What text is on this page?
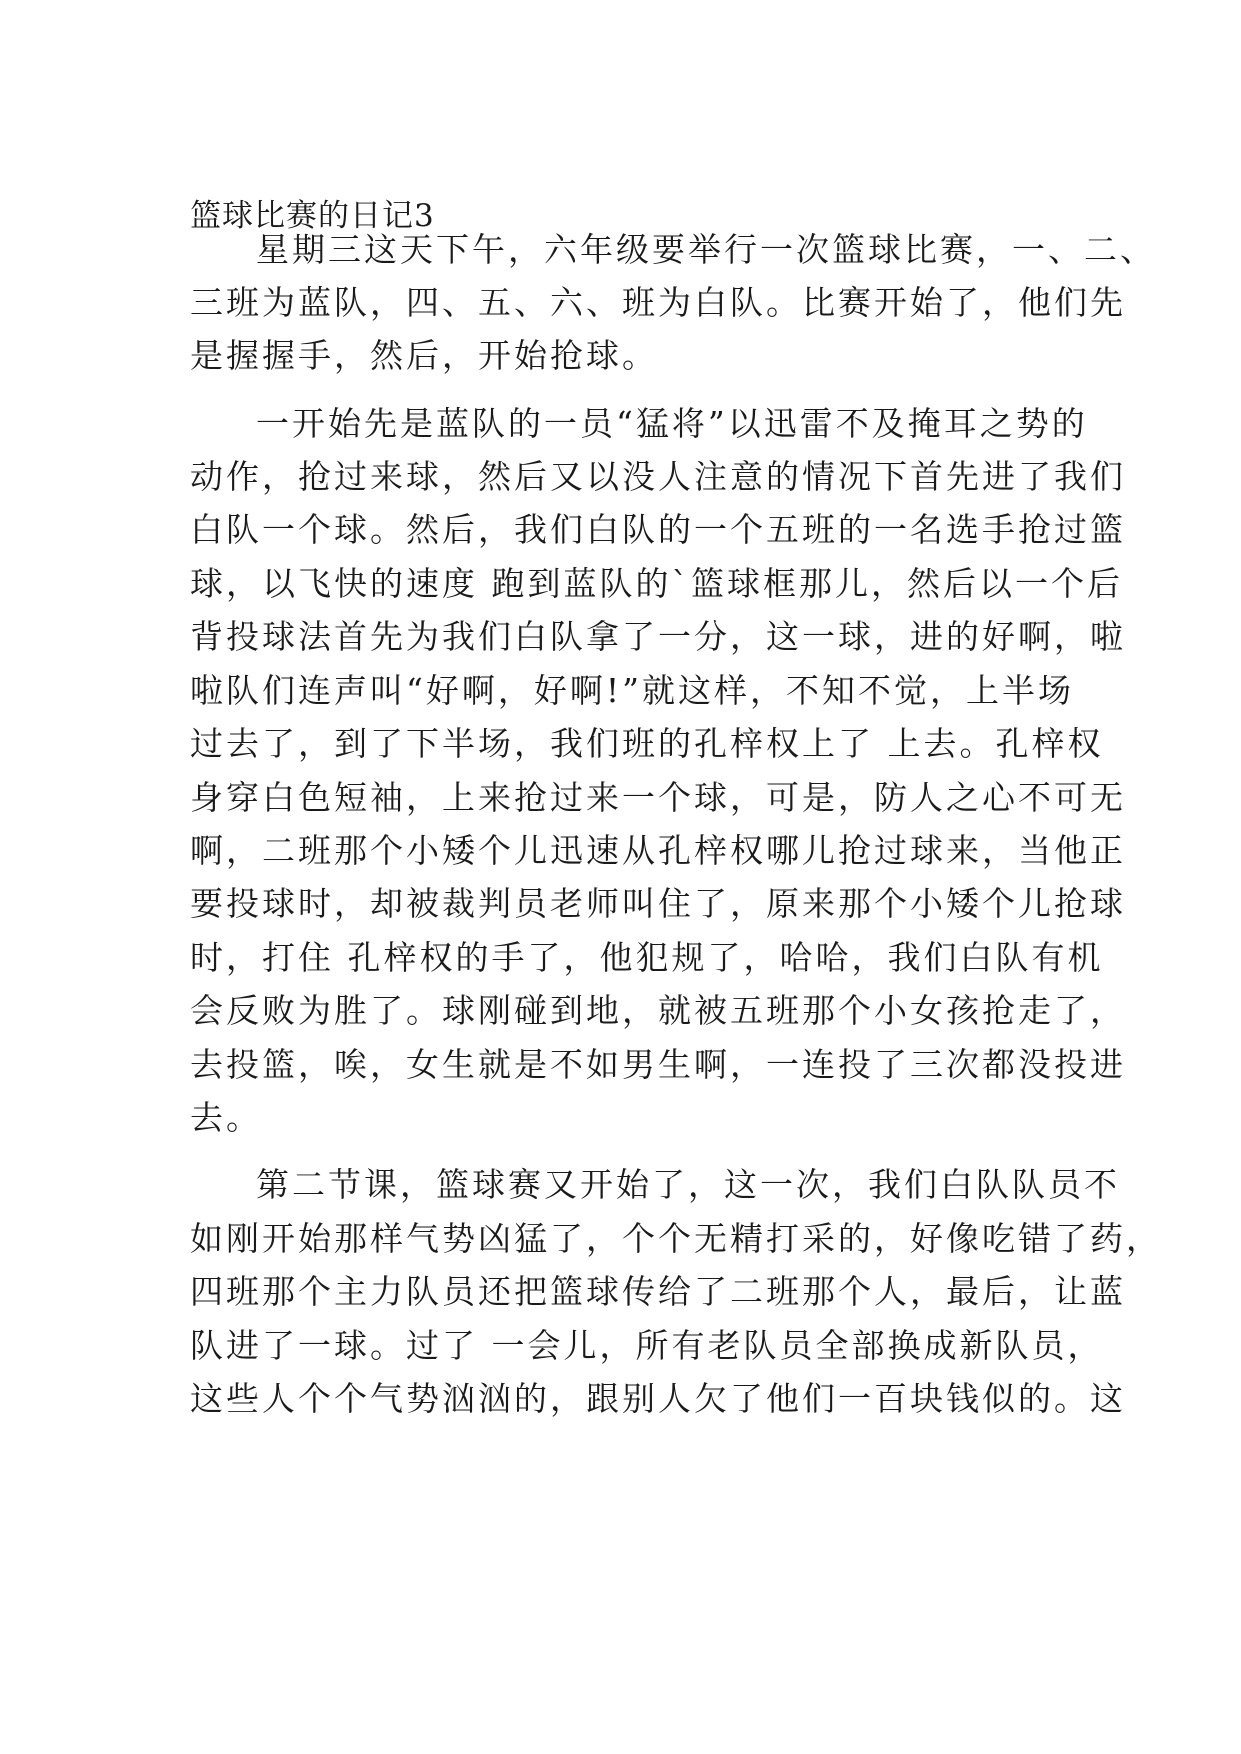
篮球比赛的日记3
星期三这天下午，六年级要举行一次篮球比赛，一、二、
三班为蓝队，四、五、六、班为白队。比赛开始了，他们先
是握握手，然后，开始抢球。
一开始先是蓝队的一员“猛将”以迅雷不及掩耳之势的
动作，抢过来球，然后又以没人注意的情况下首先进了我们
白队一个球。然后，我们白队的一个五班的一名选手抢过篮
球，以飞快的速度 跑到蓝队的`篮球框那儿，然后以一个后
背投球法首先为我们白队拿了一分，这一球，进的好啊，啦
啦队们连声叫“好啊，好啊!”就这样，不知不觉，上半场
过去了，到了下半场，我们班的孔梓权上了 上去。孔梓权
身穿白色短袖，上来抢过来一个球，可是，防人之心不可无
啊，二班那个小矮个儿迅速从孔梓权哪儿抢过球来，当他正
要投球时，却被裁判员老师叫住了，原来那个小矮个儿抢球
时，打住 孔梓权的手了，他犯规了，哈哈，我们白队有机
会反败为胜了。球刚碰到地，就被五班那个小女孩抢走了，
去投篮，唉，女生就是不如男生啊，一连投了三次都没投进
去。
第二节课，篮球赛又开始了，这一次，我们白队队员不
如刚开始那样气势凶猛了，个个无精打采的，好像吃错了药，
四班那个主力队员还把篮球传给了二班那个人，最后，让蓝
队进了一球。过了 一会儿，所有老队员全部换成新队员，
这些人个个气势汹汹的，跟别人欠了他们一百块钱似的。这
